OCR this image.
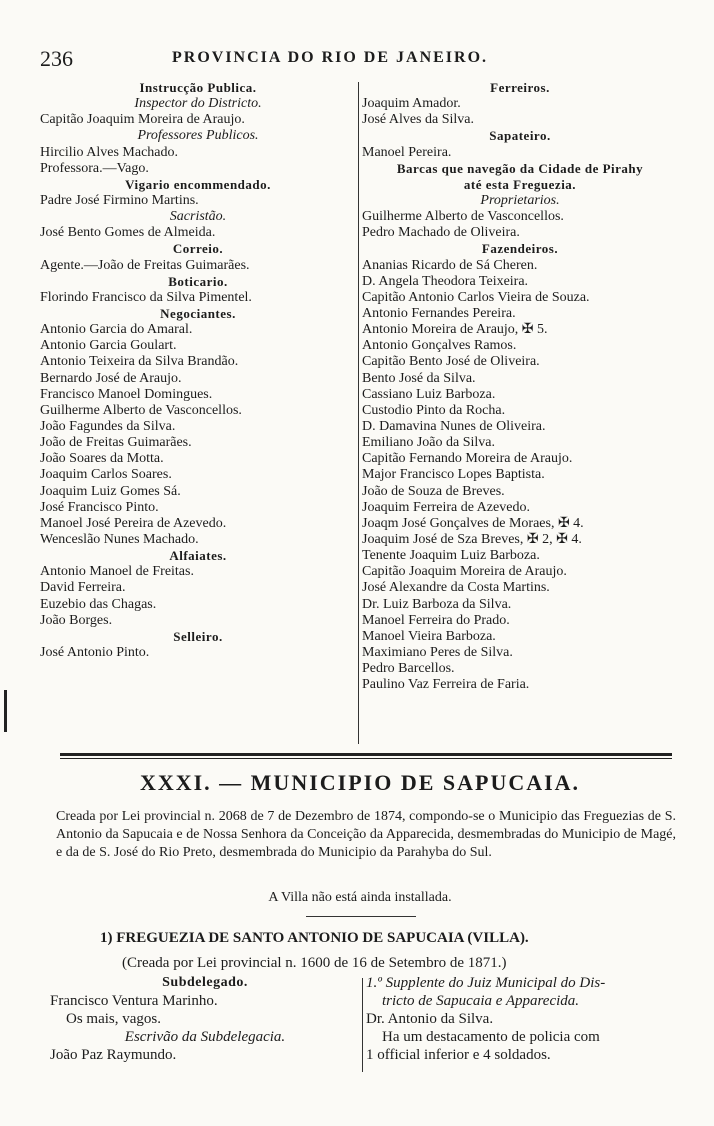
236	PROVINCIA DO RIO DE JANEIRO.
Instrucção Publica.
Inspector do Districto.
Capitão Joaquim Moreira de Araujo.
Professores Publicos.
Hircilio Alves Machado.
Professora.—Vago.
Vigario encommendado.
Padre José Firmino Martins.
Sacristão.
José Bento Gomes de Almeida.
Correio.
Agente.—João de Freitas Guimarães.
Boticario.
Florindo Francisco da Silva Pimentel.
Negociantes.
Antonio Garcia do Amaral.
Antonio Garcia Goulart.
Antonio Teixeira da Silva Brandão.
Bernardo José de Araujo.
Francisco Manoel Domingues.
Guilherme Alberto de Vasconcellos.
João Fagundes da Silva.
João de Freitas Guimarães.
João Soares da Motta.
Joaquim Carlos Soares.
Joaquim Luiz Gomes Sá.
José Francisco Pinto.
Manoel José Pereira de Azevedo.
Wenceslão Nunes Machado.
Alfaiates.
Antonio Manoel de Freitas.
David Ferreira.
Euzebio das Chagas.
João Borges.
Selleiro.
José Antonio Pinto.
Ferreiros.
Joaquim Amador.
José Alves da Silva.
Sapateiro.
Manoel Pereira.
Barcas que navegão da Cidade de Pirahy
até esta Freguezia.
Proprietarios.
Guilherme Alberto de Vasconcellos.
Pedro Machado de Oliveira.
Fazendeiros.
Ananias Ricardo de Sá Cheren.
D. Angela Theodora Teixeira.
Capitão Antonio Carlos Vieira de Souza.
Antonio Fernandes Pereira.
Antonio Moreira de Araujo, ✠ 5.
Antonio Gonçalves Ramos.
Capitão Bento José de Oliveira.
Bento José da Silva.
Cassiano Luiz Barboza.
Custodio Pinto da Rocha.
D. Damavina Nunes de Oliveira.
Emiliano João da Silva.
Capitão Fernando Moreira de Araujo.
Major Francisco Lopes Baptista.
João de Souza de Breves.
Joaquim Ferreira de Azevedo.
Joaqm José Gonçalves de Moraes, ✠ 4.
Joaquim José de Sza Breves, ✠ 2, ✠ 4.
Tenente Joaquim Luiz Barboza.
Capitão Joaquim Moreira de Araujo.
José Alexandre da Costa Martins.
Dr. Luiz Barboza da Silva.
Manoel Ferreira do Prado.
Manoel Vieira Barboza.
Maximiano Peres de Silva.
Pedro Barcellos.
Paulino Vaz Ferreira de Faria.
XXXI. — MUNICIPIO DE SAPUCAIA.
Creada por Lei provincial n. 2068 de 7 de Dezembro de 1874, compondo-se o Municipio das Freguezias de S. Antonio da Sapucaia e de Nossa Senhora da Conceição da Apparecida, desmembradas do Municipio de Magé, e da de S. José do Rio Preto, desmembrada do Municipio da Parahyba do Sul.
A Villa não está ainda installada.
1) FREGUEZIA DE SANTO ANTONIO DE SAPUCAIA (VILLA).
(Creada por Lei provincial n. 1600 de 16 de Setembro de 1871.)
Subdelegado.
Francisco Ventura Marinho.
Os mais, vagos.
Escrivão da Subdelegacia.
João Paz Raymundo.
1.º Supplente do Juiz Municipal do Dis-
tricto de Sapucaia e Apparecida.
Dr. Antonio da Silva.
Ha um destacamento de policia com
1 official inferior e 4 soldados.
